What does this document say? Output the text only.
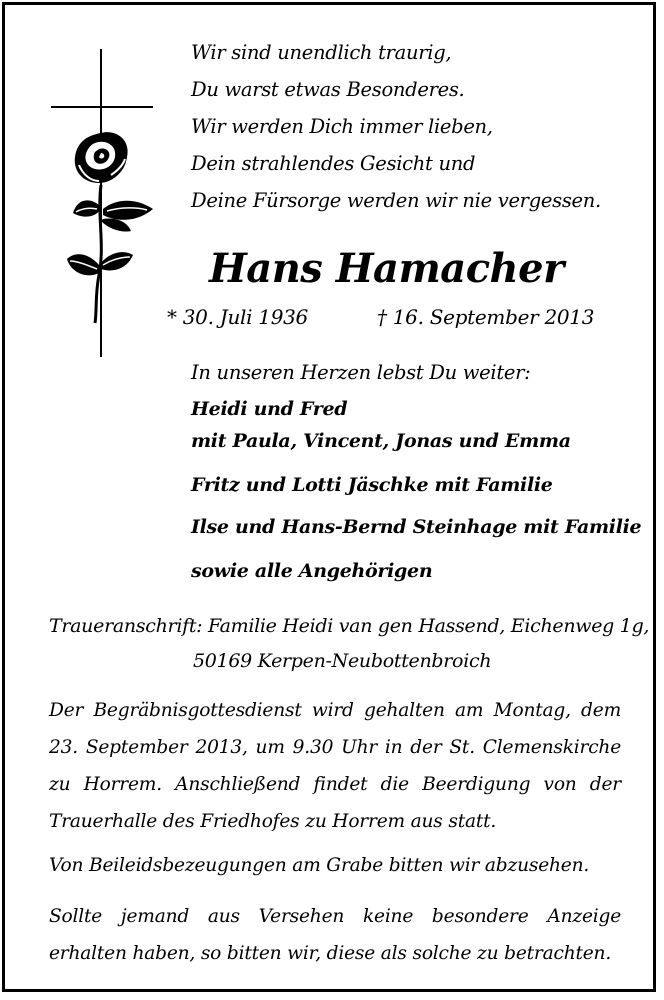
Wir sind unendlich traurig,
Du warst etwas Besonderes.
Wir werden Dich immer lieben,
Dein strahlendes Gesicht und
Deine Fürsorge werden wir nie vergessen.
Hans Hamacher
* 30. Juli 1936	† 16. September 2013
In unseren Herzen lebst Du weiter:
Heidi und Fred
mit Paula, Vincent, Jonas und Emma
Fritz und Lotti Jäschke mit Familie
Ilse und Hans-Bernd Steinhage mit Familie
sowie alle Angehörigen
Traueranschrift: Familie Heidi van gen Hassend, Eichenweg 1g,
50169 Kerpen-Neubottenbroich
Der Begräbnisgottesdienst wird gehalten am Montag, dem 23. September 2013, um 9.30 Uhr in der St. Clemenskirche zu Horrem. Anschließend findet die Beerdigung von der Trauerhalle des Friedhofes zu Horrem aus statt.
Von Beileidsbezeugungen am Grabe bitten wir abzusehen.
Sollte jemand aus Versehen keine besondere Anzeige erhalten haben, so bitten wir, diese als solche zu betrachten.
